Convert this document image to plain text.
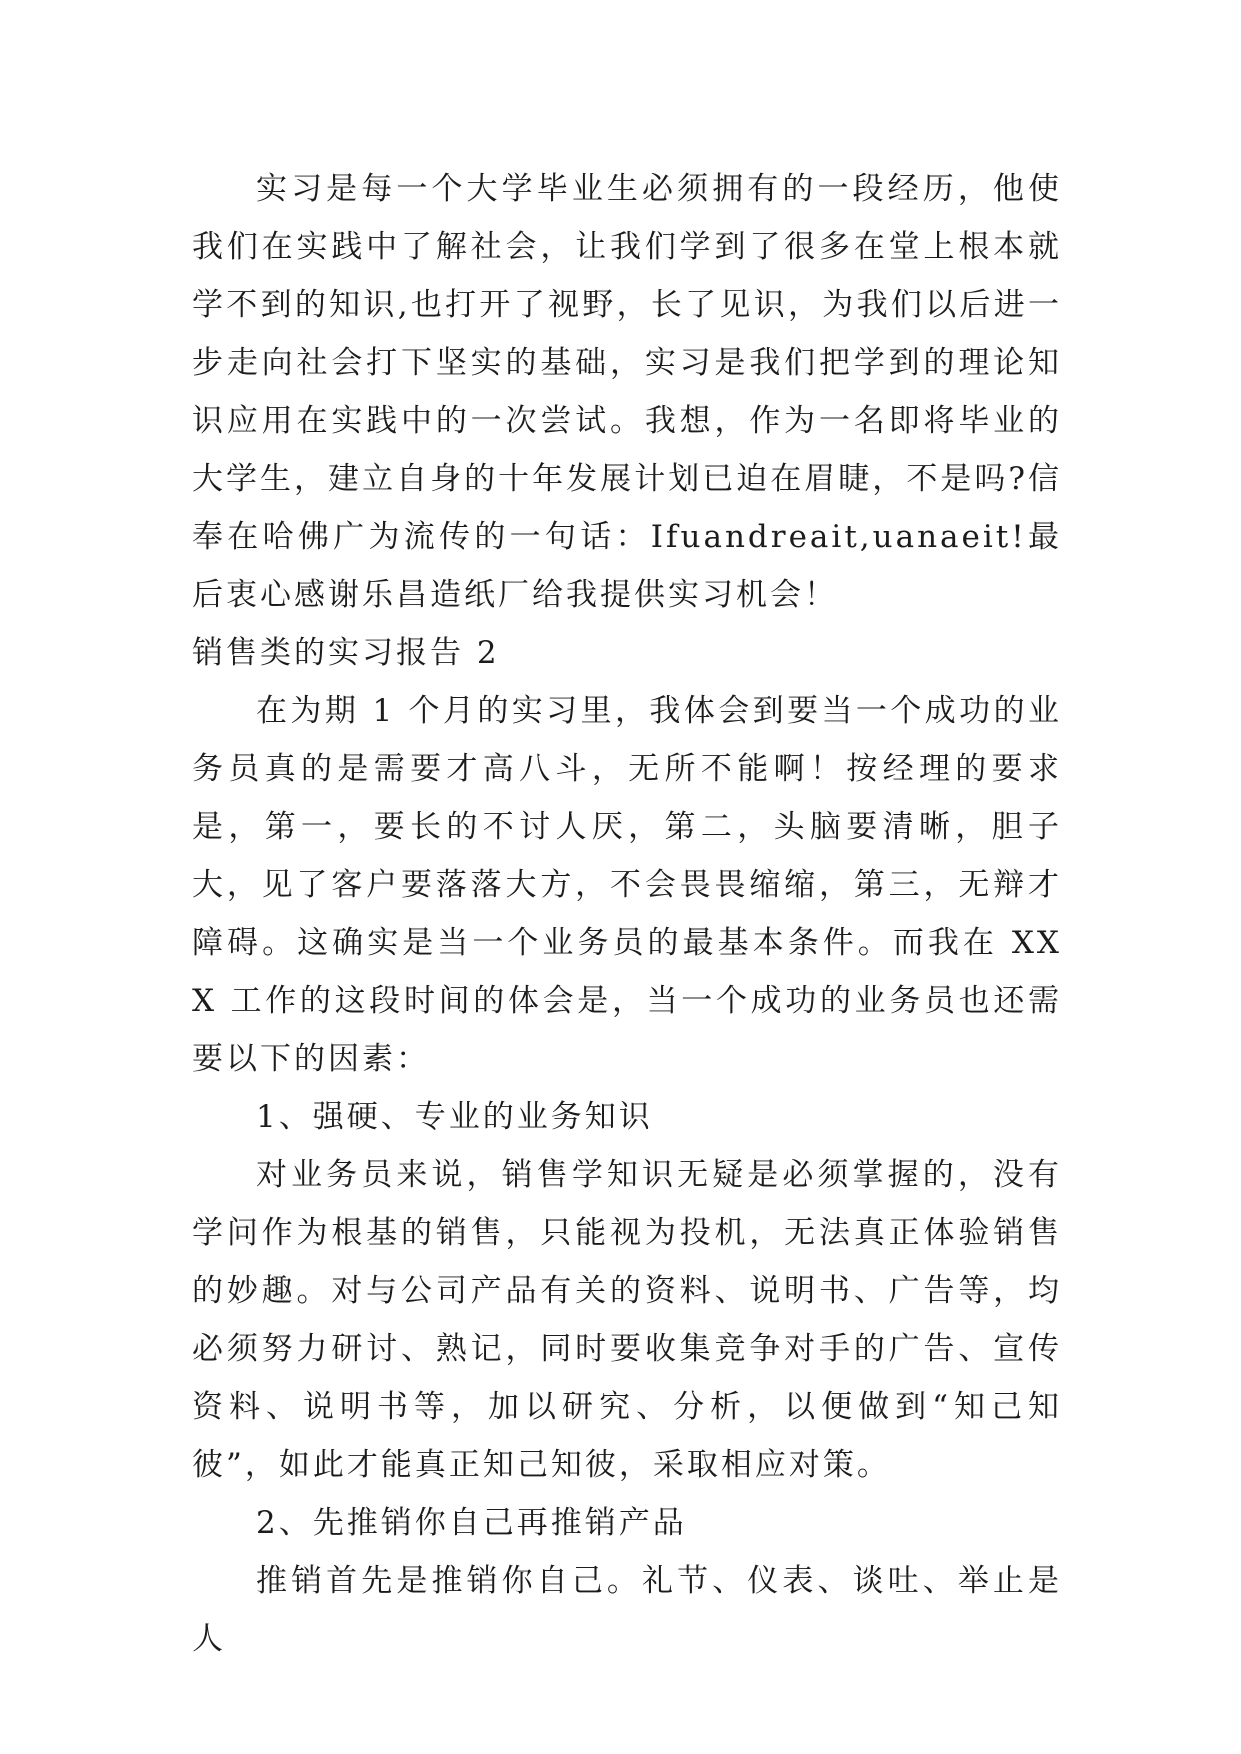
实习是每一个大学毕业生必须拥有的一段经历，他使我们在实践中了解社会，让我们学到了很多在堂上根本就学不到的知识,也打开了视野，长了见识，为我们以后进一步走向社会打下坚实的基础，实习是我们把学到的理论知识应用在实践中的一次尝试。我想，作为一名即将毕业的大学生，建立自身的十年发展计划已迫在眉睫，不是吗?信奉在哈佛广为流传的一句话：Ifuandreait,uanaeit!最后衷心感谢乐昌造纸厂给我提供实习机会！

销售类的实习报告 2

在为期 1 个月的实习里，我体会到要当一个成功的业务员真的是需要才高八斗，无所不能啊！按经理的要求是，第一，要长的不讨人厌，第二，头脑要清晰，胆子大，见了客户要落落大方，不会畏畏缩缩，第三，无辩才障碍。这确实是当一个业务员的最基本条件。而我在 XXX 工作的这段时间的体会是，当一个成功的业务员也还需要以下的因素：

1、强硬、专业的业务知识

对业务员来说，销售学知识无疑是必须掌握的，没有学问作为根基的销售，只能视为投机，无法真正体验销售的妙趣。对与公司产品有关的资料、说明书、广告等，均必须努力研讨、熟记，同时要收集竞争对手的广告、宣传资料、说明书等，加以研究、分析，以便做到“知己知彼”，如此才能真正知己知彼，采取相应对策。

2、先推销你自己再推销产品

推销首先是推销你自己。礼节、仪表、谈吐、举止是人
